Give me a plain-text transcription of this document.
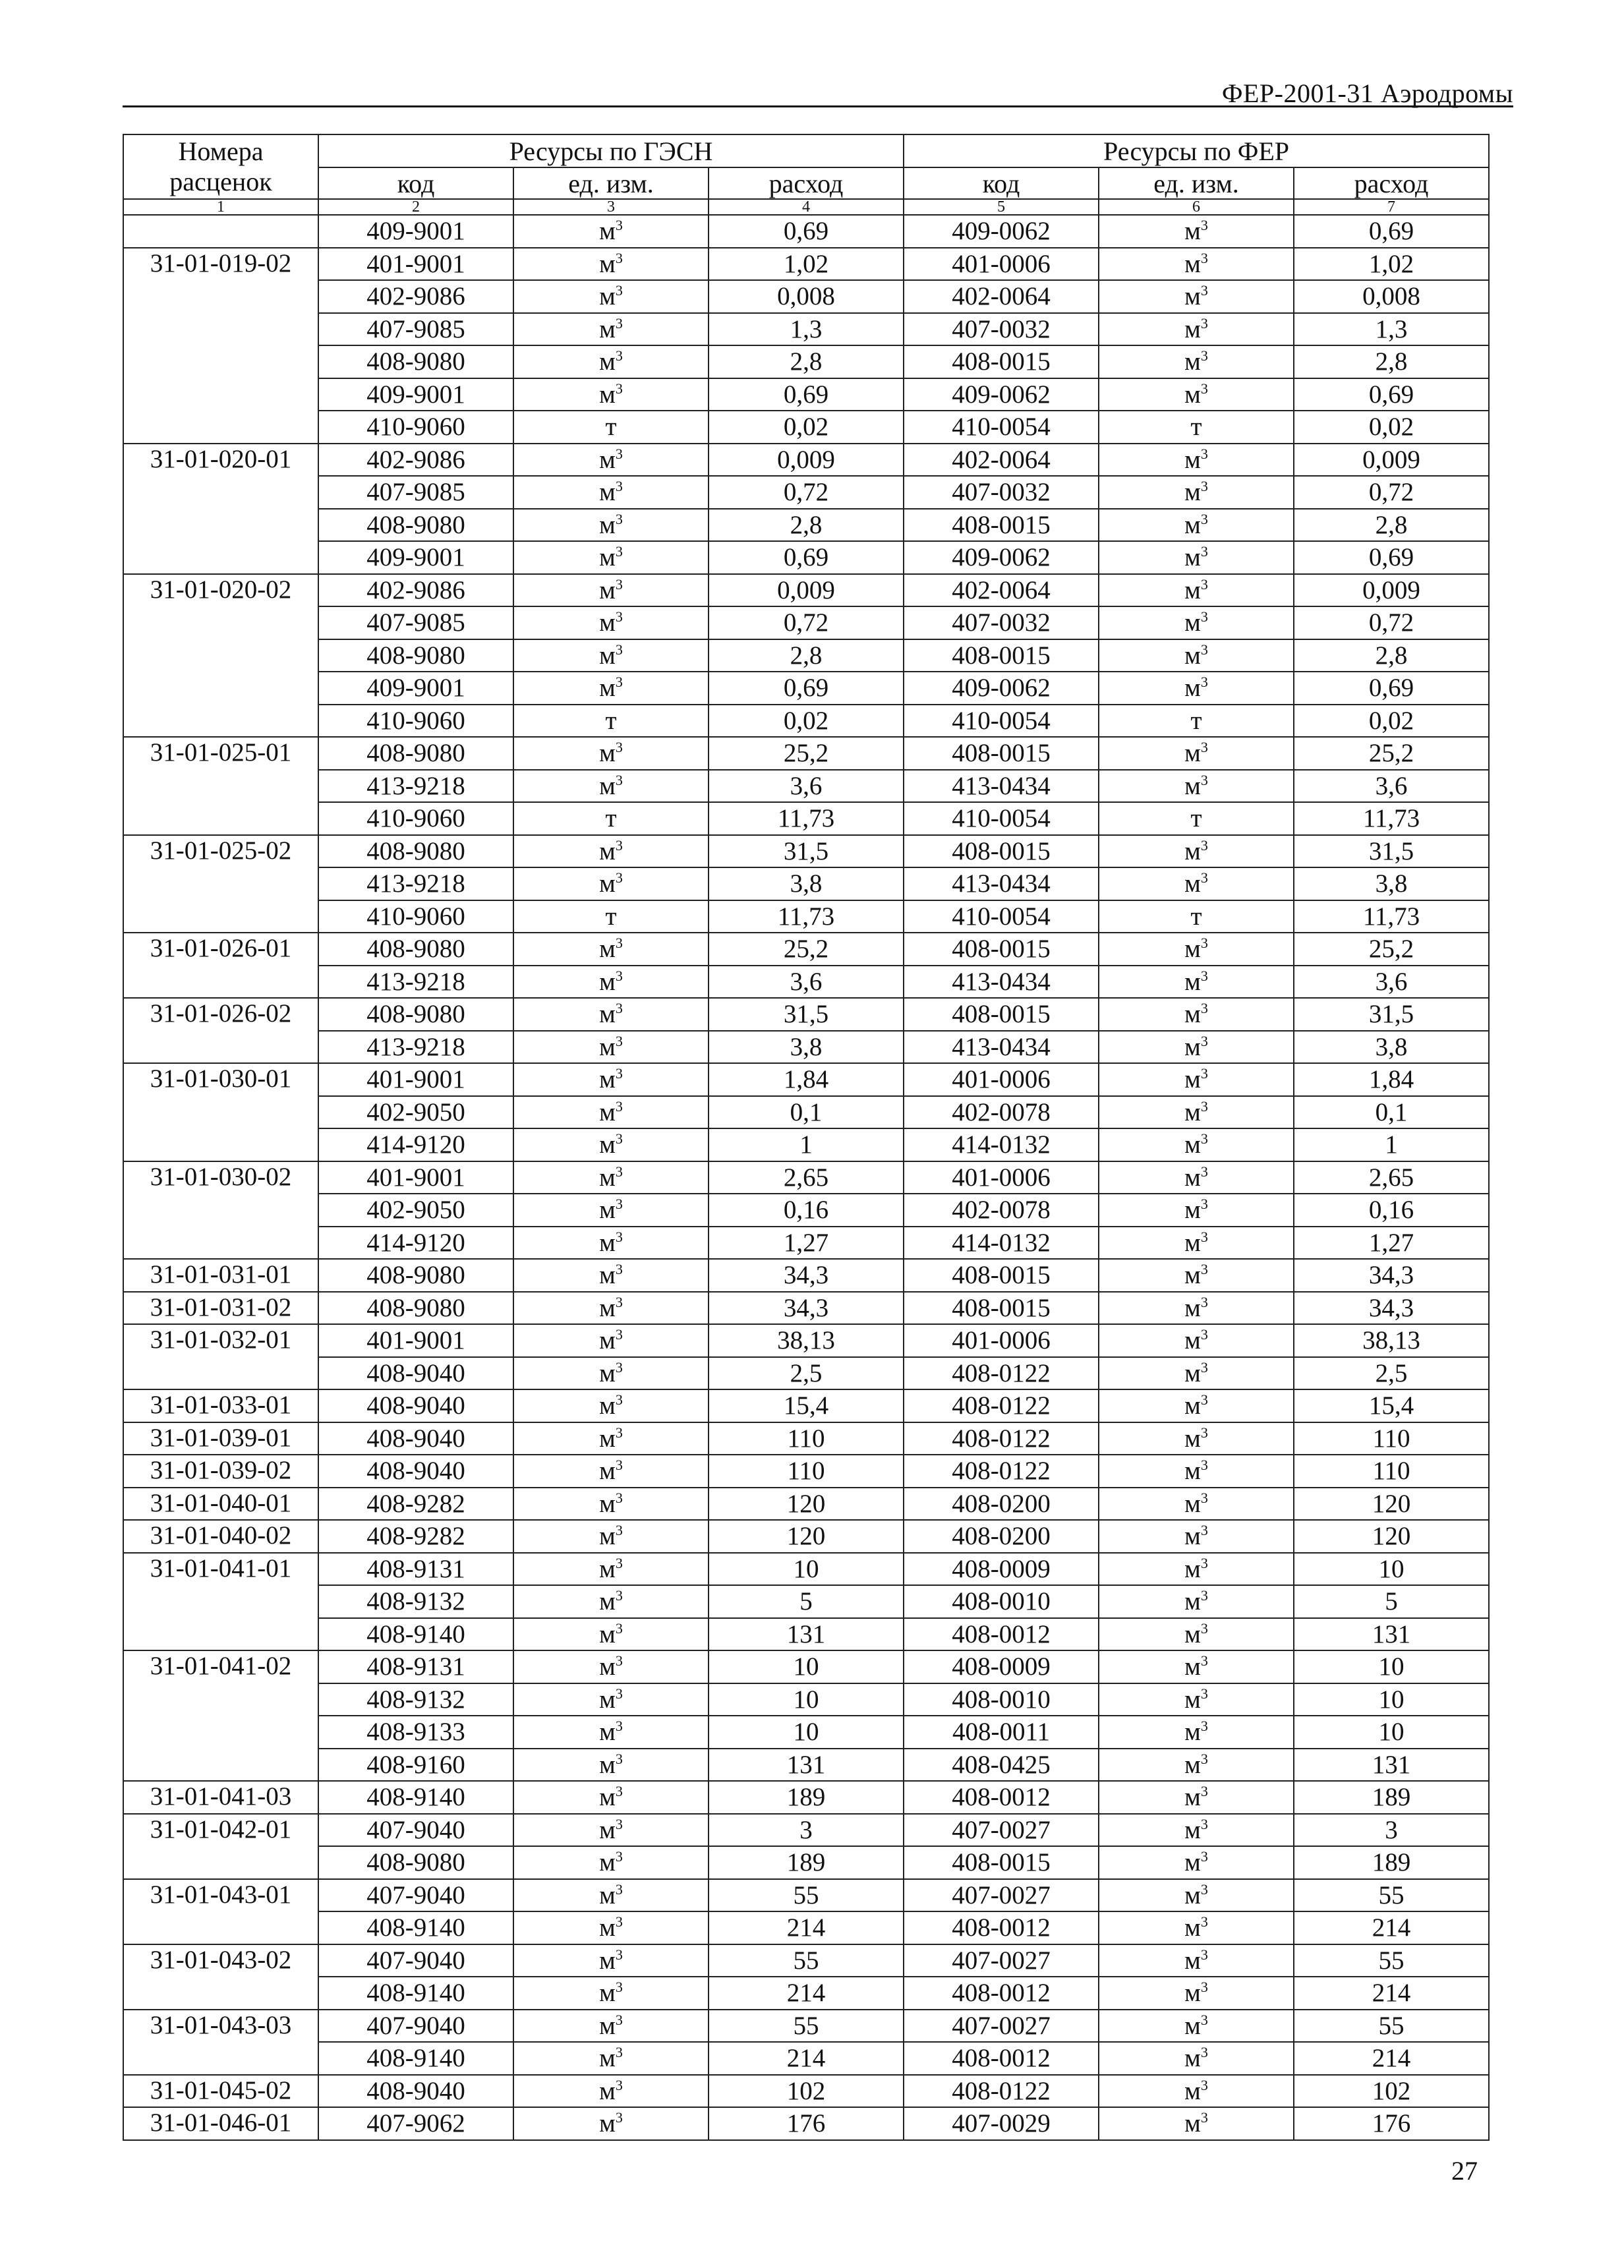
ФЕР-2001-31 Аэродромы
Номера расценок	Ресурсы по ГЭСН			Ресурсы по ФЕР		
	код	ед. изм.	расход	код	ед. изм.	расход
1	2	3	4	5	6	7
	409-9001	$м^3$	0,69	409-0062	$м^3$	0,69
31-01-019-02	401-9001	$м^3$	1,02	401-0006	$м^3$	1,02
	402-9086	$м^3$	0,008	402-0064	$м^3$	0,008
	407-9085	$м^3$	1,3	407-0032	$м^3$	1,3
	408-9080	$м^3$	2,8	408-0015	$м^3$	2,8
	409-9001	$м^3$	0,69	409-0062	$м^3$	0,69
	410-9060	т	0,02	410-0054	т	0,02
31-01-020-01	402-9086	$м^3$	0,009	402-0064	$м^3$	0,009
	407-9085	$м^3$	0,72	407-0032	$м^3$	0,72
	408-9080	$м^3$	2,8	408-0015	$м^3$	2,8
	409-9001	$м^3$	0,69	409-0062	$м^3$	0,69
31-01-020-02	402-9086	$м^3$	0,009	402-0064	$м^3$	0,009
	407-9085	$м^3$	0,72	407-0032	$м^3$	0,72
	408-9080	$м^3$	2,8	408-0015	$м^3$	2,8
	409-9001	$м^3$	0,69	409-0062	$м^3$	0,69
	410-9060	т	0,02	410-0054	т	0,02
31-01-025-01	408-9080	$м^3$	25,2	408-0015	$м^3$	25,2
	413-9218	$м^3$	3,6	413-0434	$м^3$	3,6
	410-9060	т	11,73	410-0054	т	11,73
31-01-025-02	408-9080	$м^3$	31,5	408-0015	$м^3$	31,5
	413-9218	$м^3$	3,8	413-0434	$м^3$	3,8
	410-9060	т	11,73	410-0054	т	11,73
31-01-026-01	408-9080	$м^3$	25,2	408-0015	$м^3$	25,2
	413-9218	$м^3$	3,6	413-0434	$м^3$	3,6
31-01-026-02	408-9080	$м^3$	31,5	408-0015	$м^3$	31,5
	413-9218	$м^3$	3,8	413-0434	$м^3$	3,8
31-01-030-01	401-9001	$м^3$	1,84	401-0006	$м^3$	1,84
	402-9050	$м^3$	0,1	402-0078	$м^3$	0,1
	414-9120	$м^3$	1	414-0132	$м^3$	1
31-01-030-02	401-9001	$м^3$	2,65	401-0006	$м^3$	2,65
	402-9050	$м^3$	0,16	402-0078	$м^3$	0,16
	414-9120	$м^3$	1,27	414-0132	$м^3$	1,27
31-01-031-01	408-9080	$м^3$	34,3	408-0015	$м^3$	34,3
31-01-031-02	408-9080	$м^3$	34,3	408-0015	$м^3$	34,3
31-01-032-01	401-9001	$м^3$	38,13	401-0006	$м^3$	38,13
	408-9040	$м^3$	2,5	408-0122	$м^3$	2,5
31-01-033-01	408-9040	$м^3$	15,4	408-0122	$м^3$	15,4
31-01-039-01	408-9040	$м^3$	110	408-0122	$м^3$	110
31-01-039-02	408-9040	$м^3$	110	408-0122	$м^3$	110
31-01-040-01	408-9282	$м^3$	120	408-0200	$м^3$	120
31-01-040-02	408-9282	$м^3$	120	408-0200	$м^3$	120
31-01-041-01	408-9131	$м^3$	10	408-0009	$м^3$	10
	408-9132	$м^3$	5	408-0010	$м^3$	5
	408-9140	$м^3$	131	408-0012	$м^3$	131
31-01-041-02	408-9131	$м^3$	10	408-0009	$м^3$	10
	408-9132	$м^3$	10	408-0010	$м^3$	10
	408-9133	$м^3$	10	408-0011	$м^3$	10
	408-9160	$м^3$	131	408-0425	$м^3$	131
31-01-041-03	408-9140	$м^3$	189	408-0012	$м^3$	189
31-01-042-01	407-9040	$м^3$	3	407-0027	$м^3$	3
	408-9080	$м^3$	189	408-0015	$м^3$	189
31-01-043-01	407-9040	$м^3$	55	407-0027	$м^3$	55
	408-9140	$м^3$	214	408-0012	$м^3$	214
31-01-043-02	407-9040	$м^3$	55	407-0027	$м^3$	55
	408-9140	$м^3$	214	408-0012	$м^3$	214
31-01-043-03	407-9040	$м^3$	55	407-0027	$м^3$	55
	408-9140	$м^3$	214	408-0012	$м^3$	214
31-01-045-02	408-9040	$м^3$	102	408-0122	$м^3$	102
31-01-046-01	407-9062	$м^3$	176	407-0029	$м^3$	176
27
